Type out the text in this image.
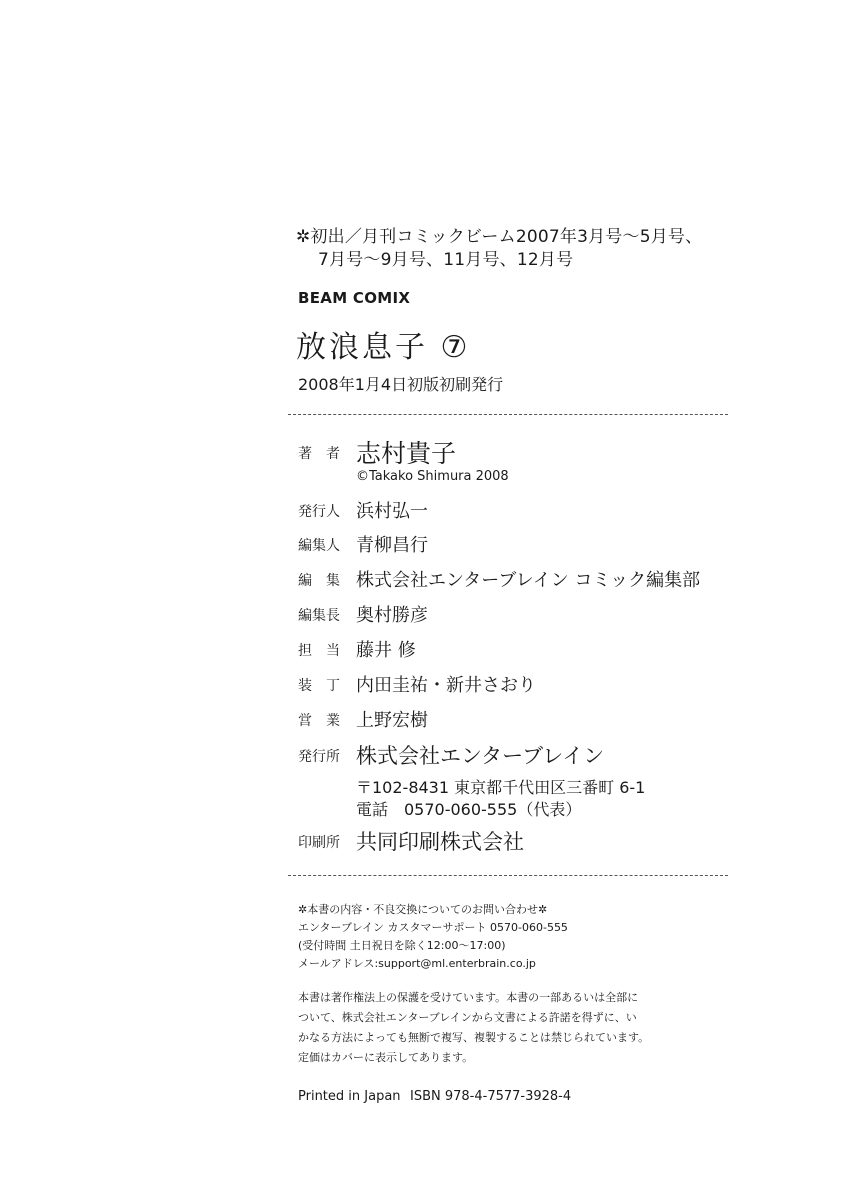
✲初出／月刊コミックビーム2007年3月号〜5月号、
7月号〜9月号、11月号、12月号
BEAM COMIX
放浪息子 ⑦
2008年1月4日初版初刷発行
著　者 志村貴子
©Takako Shimura 2008
発行人 浜村弘一
編集人 青柳昌行
編　集 株式会社エンターブレイン コミック編集部
編集長 奥村勝彦
担　当 藤井 修
装　丁 内田圭祐・新井さおり
営　業 上野宏樹
発行所 株式会社エンターブレイン
〒102-8431 東京都千代田区三番町 6-1
電話　0570-060-555（代表）
印刷所 共同印刷株式会社
✲本書の内容・不良交換についてのお問い合わせ✲
エンターブレイン カスタマーサポート 0570-060-555
(受付時間 土日祝日を除く12:00〜17:00)
メールアドレス:support@ml.enterbrain.co.jp
本書は著作権法上の保護を受けています。本書の一部あるいは全部に
ついて、株式会社エンターブレインから文書による許諾を得ずに、い
かなる方法によっても無断で複写、複製することは禁じられています。
定価はカバーに表示してあります。
Printed in Japan ISBN 978-4-7577-3928-4
